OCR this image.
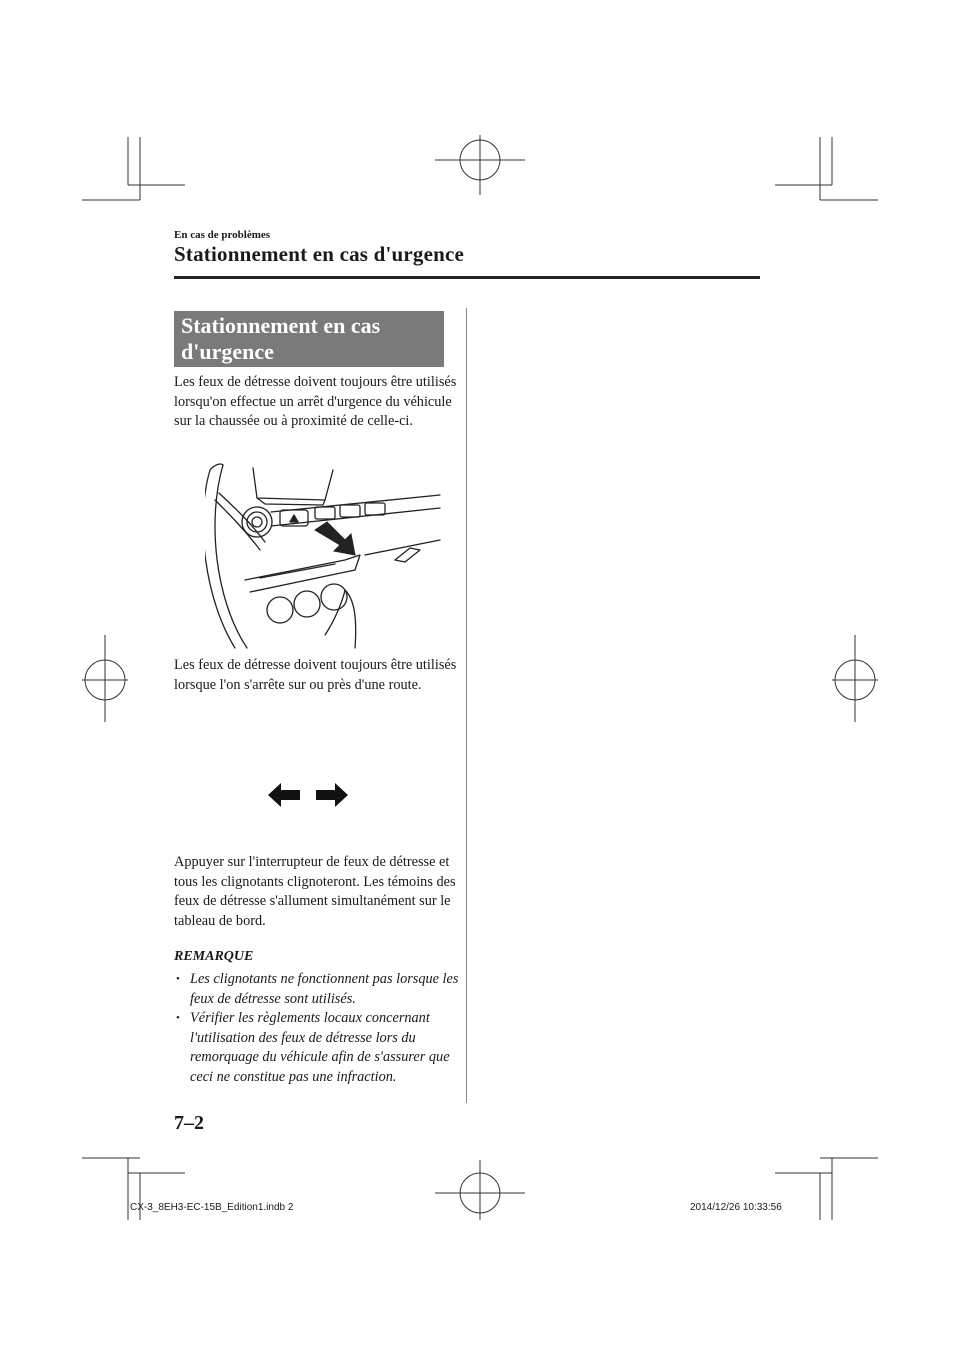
En cas de problèmes
Stationnement en cas d'urgence
Stationnement en cas
d'urgence
Les feux de détresse doivent toujours être utilisés lorsqu'on effectue un arrêt d'urgence du véhicule sur la chaussée ou à proximité de celle-ci.
Les feux de détresse doivent toujours être utilisés lorsque l'on s'arrête sur ou près d'une route.
Appuyer sur l'interrupteur de feux de détresse et tous les clignotants clignoteront. Les témoins des feux de détresse s'allument simultanément sur le tableau de bord.
REMARQUE
• Les clignotants ne fonctionnent pas lorsque les feux de détresse sont utilisés.
• Vérifier les règlements locaux concernant l'utilisation des feux de détresse lors du remorquage du véhicule afin de s'assurer que ceci ne constitue pas une infraction.
7–2
CX-3_8EH3-EC-15B_Edition1.indb 2	2014/12/26 10:33:56
